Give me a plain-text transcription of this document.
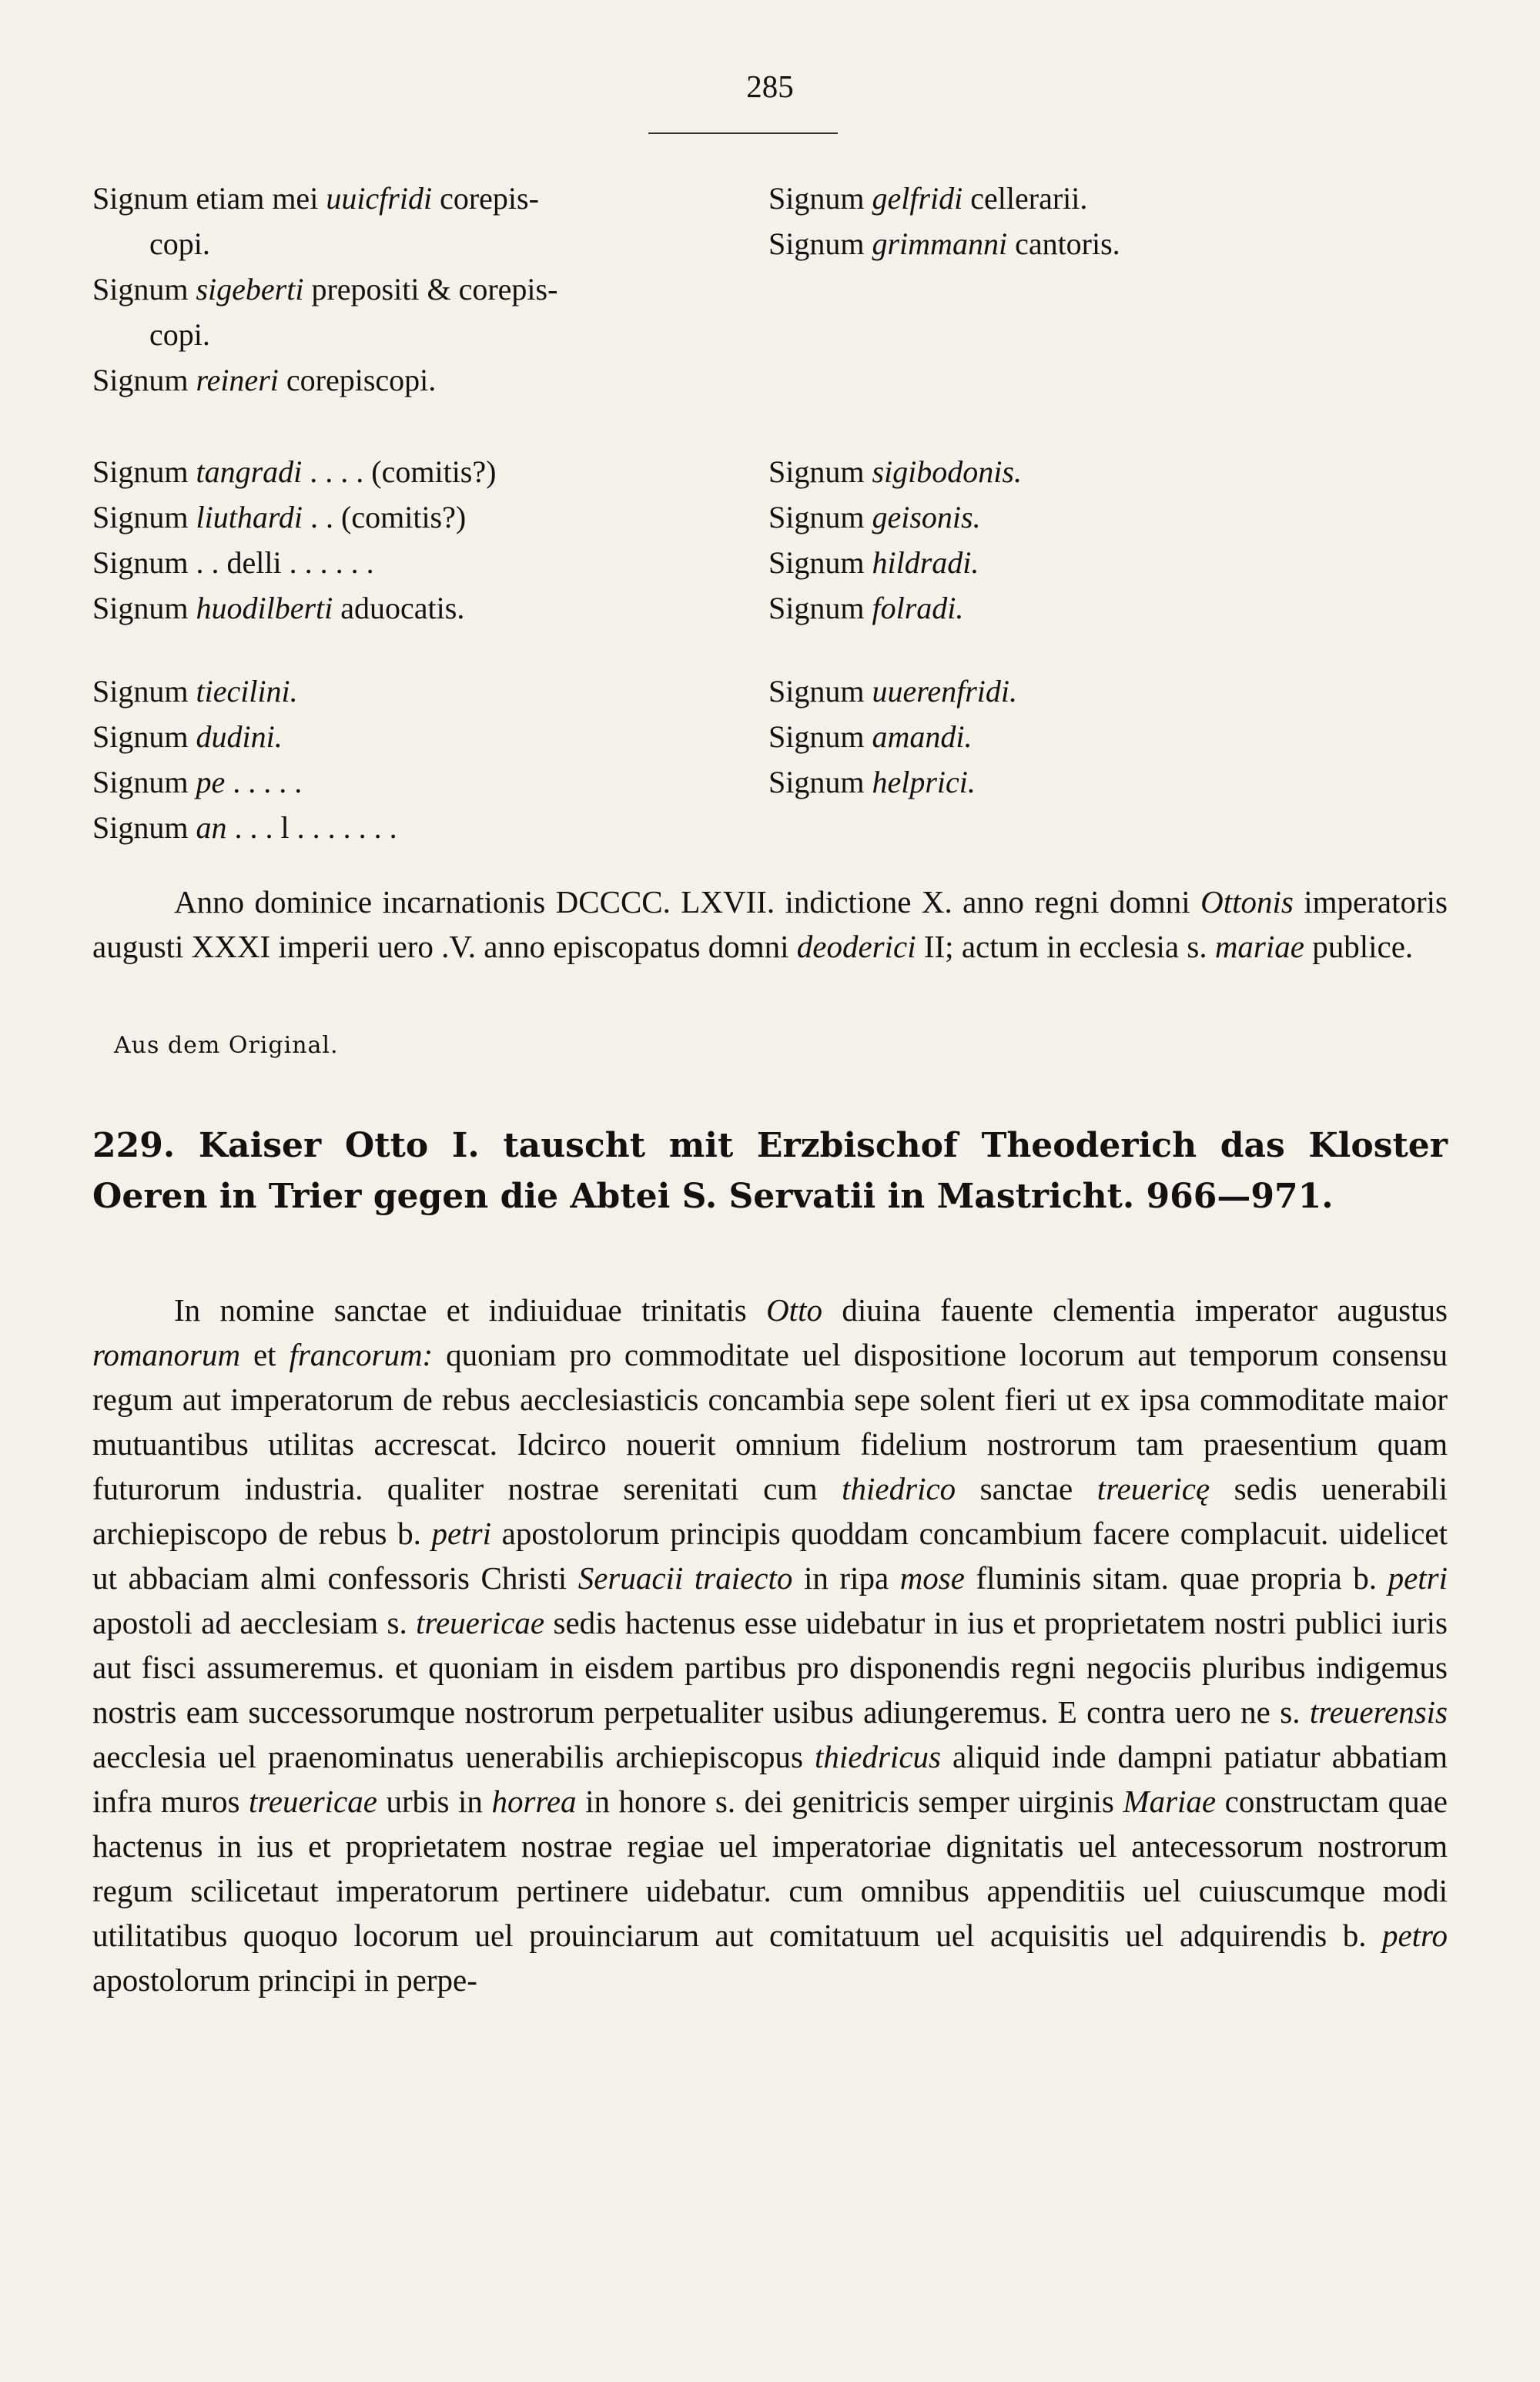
285

Signum etiam mei uuicfridi corepis-

copi.

Signum sigeberti prepositi & corepis-

copi.

Signum reineri corepiscopi.

Signum gelfridi cellerarii.

Signum grimmanni cantoris.

Signum tangradi . . . . (comitis?)

Signum liuthardi . . (comitis?)

Signum . . delli . . . . . .

Signum huodilberti aduocatis.

Signum sigibodonis.

Signum geisonis.

Signum hildradi.

Signum folradi.

Signum tiecilini.

Signum dudini.

Signum pe . . . . .

Signum an . . . l . . . . . . .

Signum uuerenfridi.

Signum amandi.

Signum helprici.

Anno dominice incarnationis DCCCC. LXVII. indictione X. anno regni domni Ottonis imperatoris augusti XXXI imperii uero .V. anno episcopatus domni deoderici II; actum in ecclesia s. mariae publice.
Aus dem Original.
229. Kaiser Otto I. tauscht mit Erzbischof Theoderich das Kloster Oeren in Trier gegen die Abtei S. Servatii in Mastricht. 966—971.
In nomine sanctae et indiuiduae trinitatis Otto diuina fauente clementia imperator augustus romanorum et francorum: quoniam pro commoditate uel dispositione locorum aut temporum consensu regum aut imperatorum de rebus aecclesiasticis concambia sepe solent fieri ut ex ipsa commoditate maior mutuantibus utilitas accrescat. Idcirco nouerit omnium fidelium nostrorum tam praesentium quam futurorum industria. qualiter nostrae serenitati cum thiedrico sanctae treuericę sedis uenerabili archiepiscopo de rebus b. petri apostolorum principis quoddam concambium facere complacuit. uidelicet ut abbaciam almi confessoris Christi Seruacii traiecto in ripa mose fluminis sitam. quae propria b. petri apostoli ad aecclesiam s. treuericae sedis hactenus esse uidebatur in ius et proprietatem nostri publici iuris aut fisci assumeremus. et quoniam in eisdem partibus pro disponendis regni negociis pluribus indigemus nostris eam successorumque nostrorum perpetualiter usibus adiungeremus. E contra uero ne s. treuerensis aecclesia uel praenominatus uenerabilis archiepiscopus thiedricus aliquid inde dampni patiatur abbatiam infra muros treuericae urbis in horrea in honore s. dei genitricis semper uirginis Mariae constructam quae hactenus in ius et proprietatem nostrae regiae uel imperatoriae dignitatis uel antecessorum nostrorum regum scilicetaut imperatorum pertinere uidebatur. cum omnibus appenditiis uel cuiuscumque modi utilitatibus quoquo locorum uel prouinciarum aut comitatuum uel acquisitis uel adquirendis b. petro apostolorum principi in perpe-
